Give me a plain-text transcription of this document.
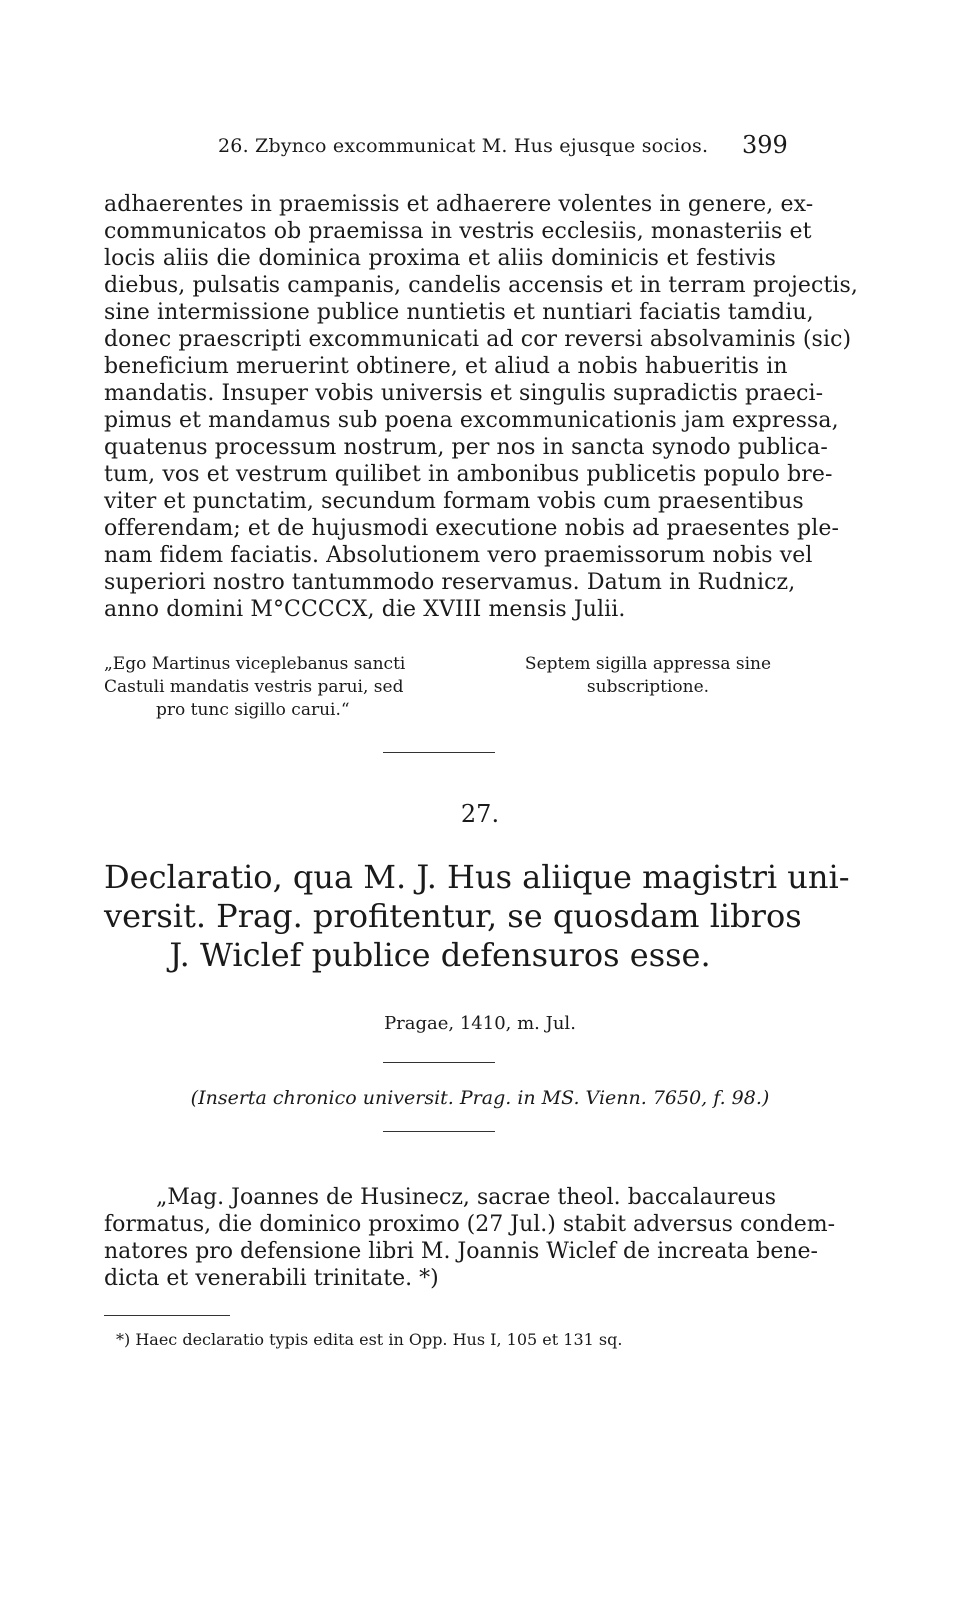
26. Zbynco excommunicat M. Hus ejusque socios. 399
adhaerentes in praemissis et adhaerere volentes in genere, ex-
communicatos ob praemissa in vestris ecclesiis, monasteriis et
locis aliis die dominica proxima et aliis dominicis et festivis
diebus, pulsatis campanis, candelis accensis et in terram projectis,
sine intermissione publice nuntietis et nuntiari faciatis tamdiu,
donec praescripti excommunicati ad cor reversi absolvaminis (sic)
beneficium meruerint obtinere, et aliud a nobis habueritis in
mandatis. Insuper vobis universis et singulis supradictis praeci-
pimus et mandamus sub poena excommunicationis jam expressa,
quatenus processum nostrum, per nos in sancta synodo publica-
tum, vos et vestrum quilibet in ambonibus publicetis populo bre-
viter et punctatim, secundum formam vobis cum praesentibus
offerendam; et de hujusmodi executione nobis ad praesentes ple-
nam fidem faciatis. Absolutionem vero praemissorum nobis vel
superiori nostro tantummodo reservamus. Datum in Rudnicz,
anno domini M°CCCCX, die XVIII mensis Julii.
„Ego Martinus viceplebanus sancti
Castuli mandatis vestris parui, sed
pro tunc sigillo carui.“
Septem sigilla appressa sine
subscriptione.
27.
Declaratio, qua M. J. Hus aliique magistri uni-
versit. Prag. profitentur, se quosdam libros
J. Wiclef publice defensuros esse.
Pragae, 1410, m. Jul.
(Inserta chronico universit. Prag. in MS. Vienn. 7650, f. 98.)
„Mag. Joannes de Husinecz, sacrae theol. baccalaureus
formatus, die dominico proximo (27 Jul.) stabit adversus condem-
natores pro defensione libri M. Joannis Wiclef de increata bene-
dicta et venerabili trinitate. *)
*) Haec declaratio typis edita est in Opp. Hus I, 105 et 131 sq.
